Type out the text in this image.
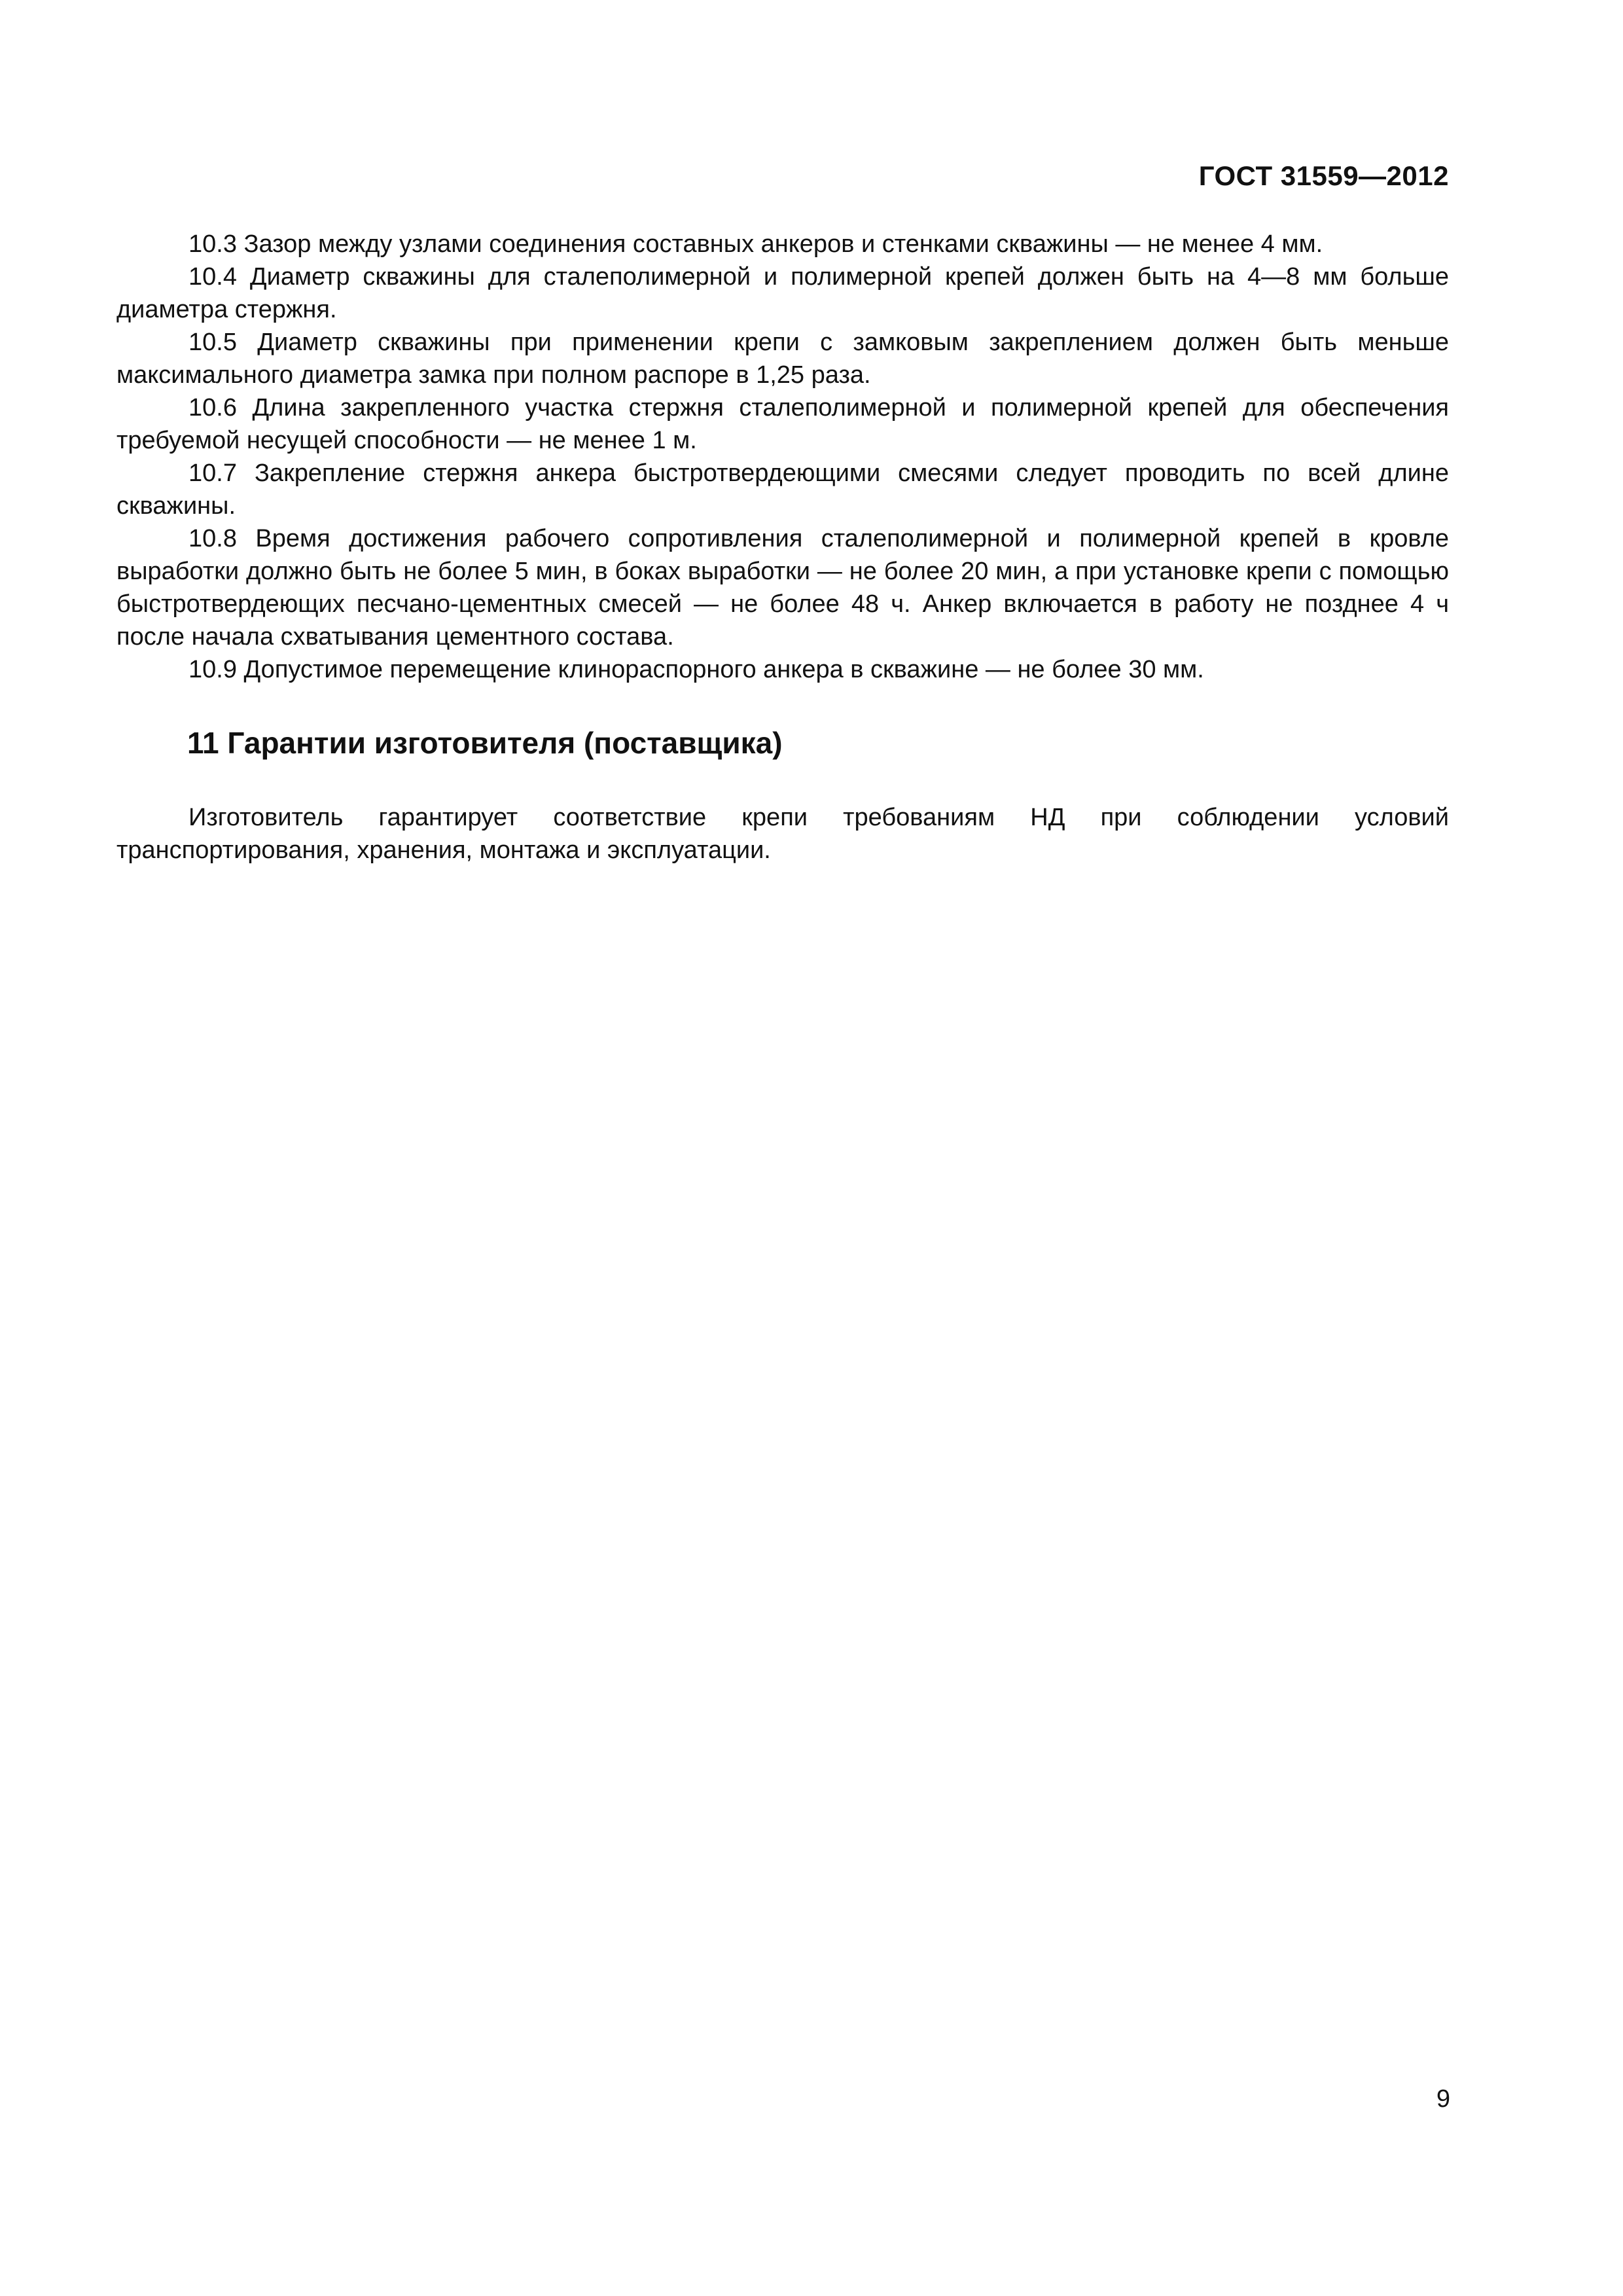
ГОСТ 31559—2012

10.3 Зазор между узлами соединения составных анкеров и стенками скважины — не менее 4 мм.

10.4 Диаметр скважины для сталеполимерной и полимерной крепей должен быть на 4—8 мм больше диаметра стержня.

10.5 Диаметр скважины при применении крепи с замковым закреплением должен быть меньше максимального диаметра замка при полном распоре в 1,25 раза.

10.6 Длина закрепленного участка стержня сталеполимерной и полимерной крепей для обеспечения требуемой несущей способности — не менее 1 м.

10.7 Закрепление стержня анкера быстротвердеющими смесями следует проводить по всей длине скважины.

10.8 Время достижения рабочего сопротивления сталеполимерной и полимерной крепей в кровле выработки должно быть не более 5 мин, в боках выработки — не более 20 мин, а при установке крепи с помощью быстротвердеющих песчано-цементных смесей — не более 48 ч. Анкер включается в работу не позднее 4 ч после начала схватывания цементного состава.

10.9 Допустимое перемещение клинораспорного анкера в скважине — не более 30 мм.

11 Гарантии изготовителя (поставщика)

Изготовитель гарантирует соответствие крепи требованиям НД при соблюдении условий транспортирования, хранения, монтажа и эксплуатации.

9
